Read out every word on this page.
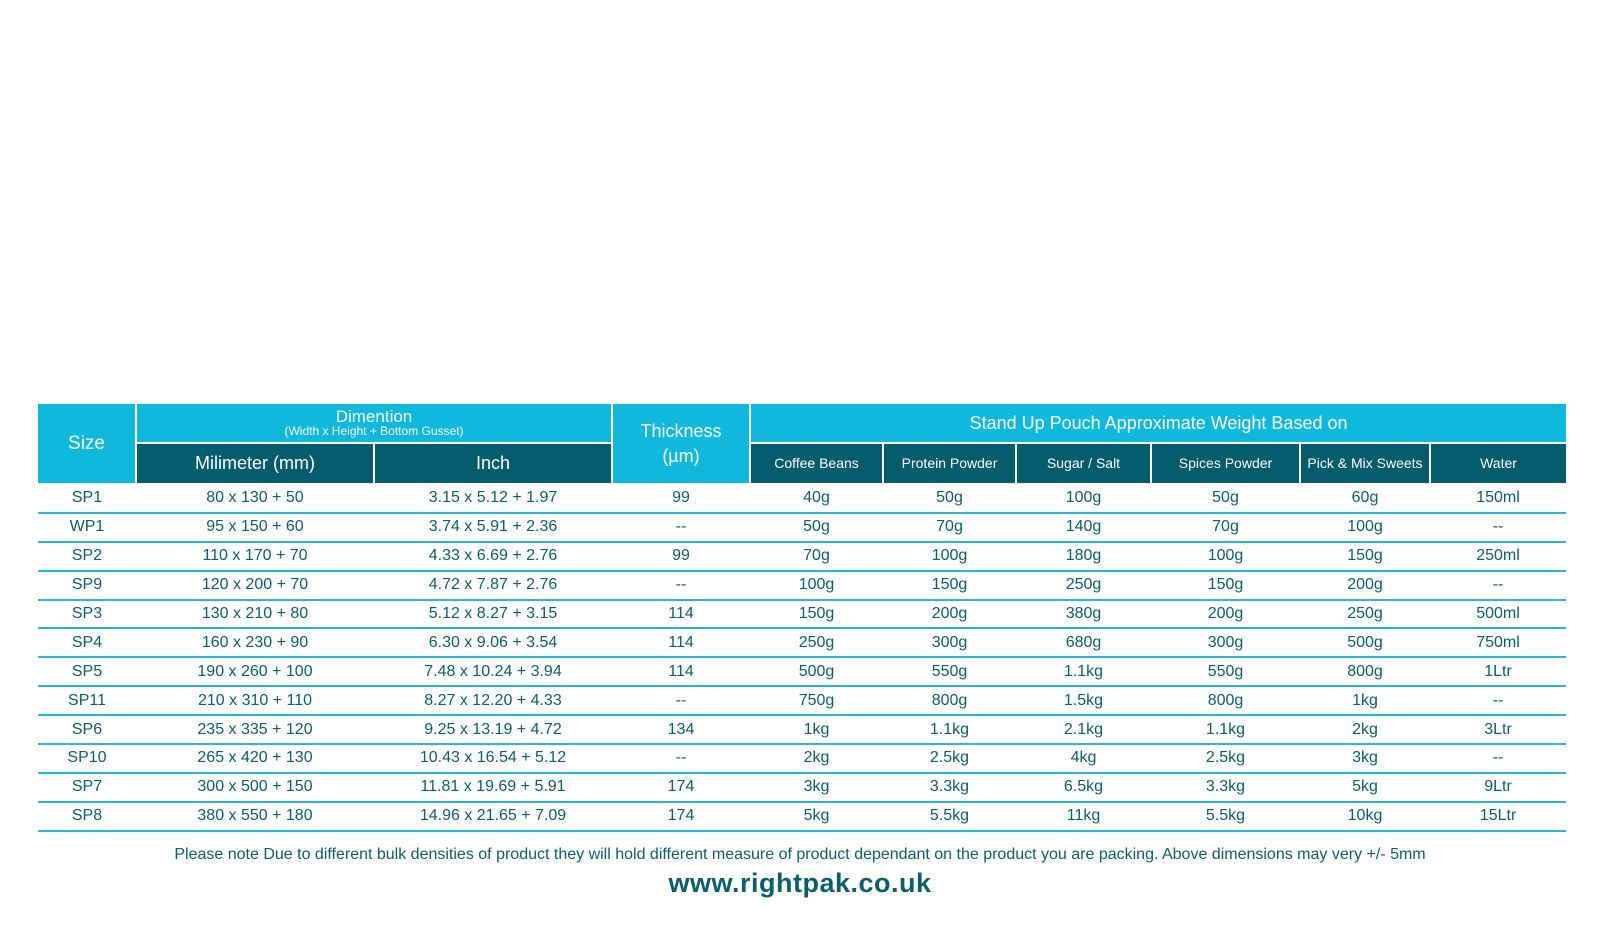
Size	Dimention
(Width x Height + Bottom Gusset)		Thickness
(µm)	Stand Up Pouch Approximate Weight Based on					
	Milimeter (mm)	Inch		Coffee Beans	Protein Powder	Sugar / Salt	Spices Powder	Pick & Mix Sweets	Water
SP1	80 x 130 + 50	3.15 x 5.12 + 1.97	99	40g	50g	100g	50g	60g	150ml
WP1	95 x 150 + 60	3.74 x 5.91 + 2.36	--	50g	70g	140g	70g	100g	--
SP2	110 x 170 + 70	4.33 x 6.69 + 2.76	99	70g	100g	180g	100g	150g	250ml
SP9	120 x 200 + 70	4.72 x 7.87 + 2.76	--	100g	150g	250g	150g	200g	--
SP3	130 x 210 + 80	5.12 x 8.27 + 3.15	114	150g	200g	380g	200g	250g	500ml
SP4	160 x 230 + 90	6.30 x 9.06 + 3.54	114	250g	300g	680g	300g	500g	750ml
SP5	190 x 260 + 100	7.48 x 10.24 + 3.94	114	500g	550g	1.1kg	550g	800g	1Ltr
SP11	210 x 310 + 110	8.27 x 12.20 + 4.33	--	750g	800g	1.5kg	800g	1kg	--
SP6	235 x 335 + 120	9.25 x 13.19 + 4.72	134	1kg	1.1kg	2.1kg	1.1kg	2kg	3Ltr
SP10	265 x 420 + 130	10.43 x 16.54 + 5.12	--	2kg	2.5kg	4kg	2.5kg	3kg	--
SP7	300 x 500 + 150	11.81 x 19.69 + 5.91	174	3kg	3.3kg	6.5kg	3.3kg	5kg	9Ltr
SP8	380 x 550 + 180	14.96 x 21.65 + 7.09	174	5kg	5.5kg	11kg	5.5kg	10kg	15Ltr
Please note Due to different bulk densities of product they will hold different measure of product dependant on the product you are packing. Above dimensions may very +/- 5mm
www.rightpak.co.uk
